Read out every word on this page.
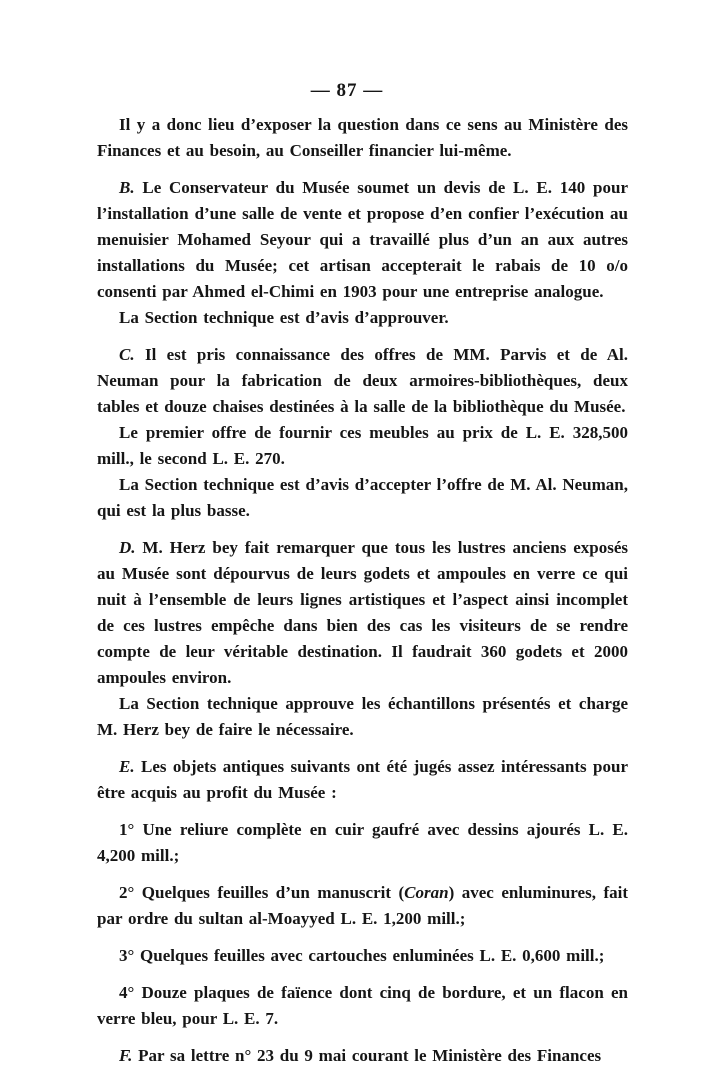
— 87 —

Il y a donc lieu d’exposer la question dans ce sens au Ministère des Finances et au besoin, au Conseiller financier lui-même.

B. Le Conservateur du Musée soumet un devis de L. E. 140 pour l’installation d’une salle de vente et propose d’en confier l’exécution au menuisier Mohamed Seyour qui a travaillé plus d’un an aux autres installations du Musée; cet artisan accepterait le rabais de 10 o/o consenti par Ahmed el-Chimi en 1903 pour une entreprise analogue.

La Section technique est d’avis d’approuver.

C. Il est pris connaissance des offres de MM. Parvis et de Al. Neuman pour la fabrication de deux armoires-bibliothèques, deux tables et douze chaises destinées à la salle de la bibliothèque du Musée.

Le premier offre de fournir ces meubles au prix de L. E. 328,500 mill., le second L. E. 270.

La Section technique est d’avis d’accepter l’offre de M. Al. Neuman, qui est la plus basse.

D. M. Herz bey fait remarquer que tous les lustres anciens exposés au Musée sont dépourvus de leurs godets et ampoules en verre ce qui nuit à l’ensemble de leurs lignes artistiques et l’aspect ainsi incomplet de ces lustres empêche dans bien des cas les visiteurs de se rendre compte de leur véritable destination. Il faudrait 360 godets et 2000 ampoules environ.

La Section technique approuve les échantillons présentés et charge M. Herz bey de faire le nécessaire.

E. Les objets antiques suivants ont été jugés assez intéressants pour être acquis au profit du Musée :

1° Une reliure complète en cuir gaufré avec dessins ajourés L. E. 4,200 mill.;

2° Quelques feuilles d’un manuscrit (Coran) avec enluminures, fait par ordre du sultan al-Moayyed L. E. 1,200 mill.;

3° Quelques feuilles avec cartouches enluminées L. E. 0,600 mill.;

4° Douze plaques de faïence dont cinq de bordure, et un flacon en verre bleu, pour L. E. 7.

F. Par sa lettre n° 23 du 9 mai courant le Ministère des Finances
